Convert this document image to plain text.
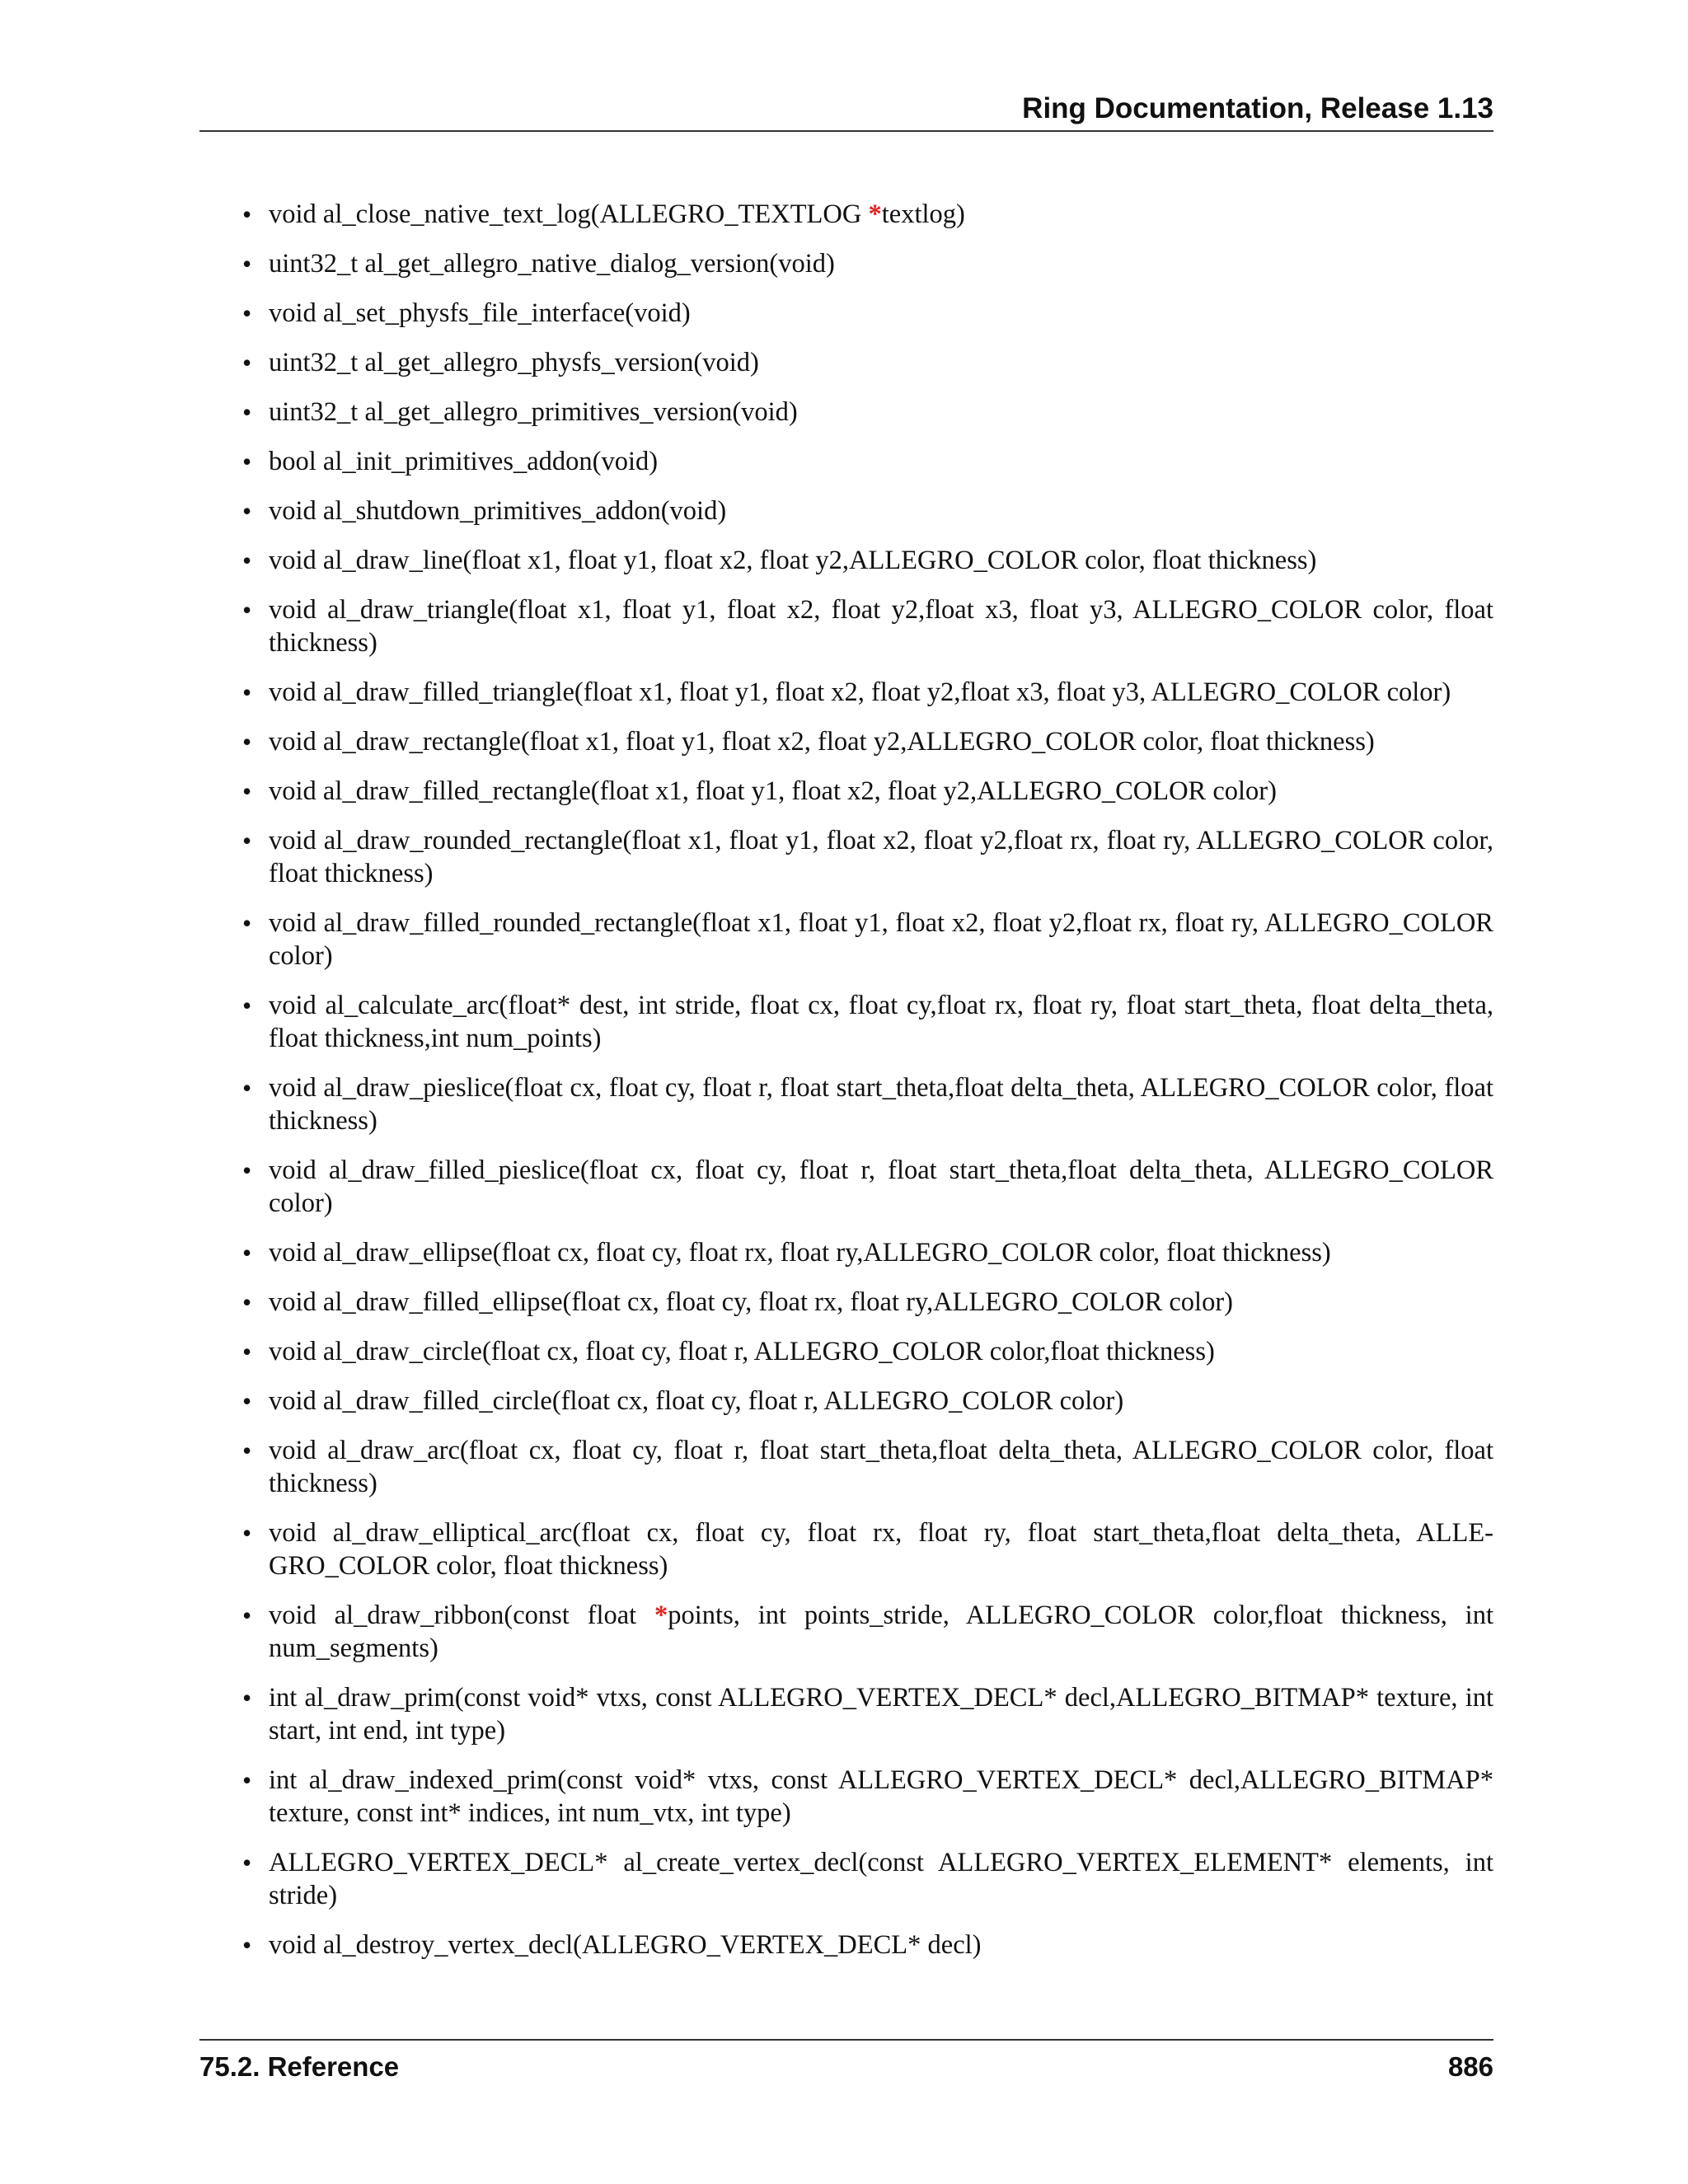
Ring Documentation, Release 1.13
• void al_close_native_text_log(ALLEGRO_TEXTLOG *textlog)
• uint32_t al_get_allegro_native_dialog_version(void)
• void al_set_physfs_file_interface(void)
• uint32_t al_get_allegro_physfs_version(void)
• uint32_t al_get_allegro_primitives_version(void)
• bool al_init_primitives_addon(void)
• void al_shutdown_primitives_addon(void)
• void al_draw_line(float x1, float y1, float x2, float y2,ALLEGRO_COLOR color, float thickness)
• void al_draw_triangle(float x1, float y1, float x2, float y2,float x3, float y3, ALLEGRO_COLOR color, float thickness)
• void al_draw_filled_triangle(float x1, float y1, float x2, float y2,float x3, float y3, ALLEGRO_COLOR color)
• void al_draw_rectangle(float x1, float y1, float x2, float y2,ALLEGRO_COLOR color, float thickness)
• void al_draw_filled_rectangle(float x1, float y1, float x2, float y2,ALLEGRO_COLOR color)
• void al_draw_rounded_rectangle(float x1, float y1, float x2, float y2,float rx, float ry, ALLEGRO_COLOR color, float thickness)
• void al_draw_filled_rounded_rectangle(float x1, float y1, float x2, float y2,float rx, float ry, ALLEGRO_COLOR color)
• void al_calculate_arc(float* dest, int stride, float cx, float cy,float rx, float ry, float start_theta, float delta_theta, float thickness,int num_points)
• void al_draw_pieslice(float cx, float cy, float r, float start_theta,float delta_theta, ALLEGRO_COLOR color, float thickness)
• void al_draw_filled_pieslice(float cx, float cy, float r, float start_theta,float delta_theta, ALLEGRO_COLOR color)
• void al_draw_ellipse(float cx, float cy, float rx, float ry,ALLEGRO_COLOR color, float thickness)
• void al_draw_filled_ellipse(float cx, float cy, float rx, float ry,ALLEGRO_COLOR color)
• void al_draw_circle(float cx, float cy, float r, ALLEGRO_COLOR color,float thickness)
• void al_draw_filled_circle(float cx, float cy, float r, ALLEGRO_COLOR color)
• void al_draw_arc(float cx, float cy, float r, float start_theta,float delta_theta, ALLEGRO_COLOR color, float thickness)
• void al_draw_elliptical_arc(float cx, float cy, float rx, float ry, float start_theta,float delta_theta, ALLE-GRO_COLOR color, float thickness)
• void al_draw_ribbon(const float *points, int points_stride, ALLEGRO_COLOR color,float thickness, int num_segments)
• int al_draw_prim(const void* vtxs, const ALLEGRO_VERTEX_DECL* decl,ALLEGRO_BITMAP* texture, int start, int end, int type)
• int al_draw_indexed_prim(const void* vtxs, const ALLEGRO_VERTEX_DECL* decl,ALLEGRO_BITMAP* texture, const int* indices, int num_vtx, int type)
• ALLEGRO_VERTEX_DECL* al_create_vertex_decl(const ALLEGRO_VERTEX_ELEMENT* elements, int stride)
• void al_destroy_vertex_decl(ALLEGRO_VERTEX_DECL* decl)
75.2. Reference	886
